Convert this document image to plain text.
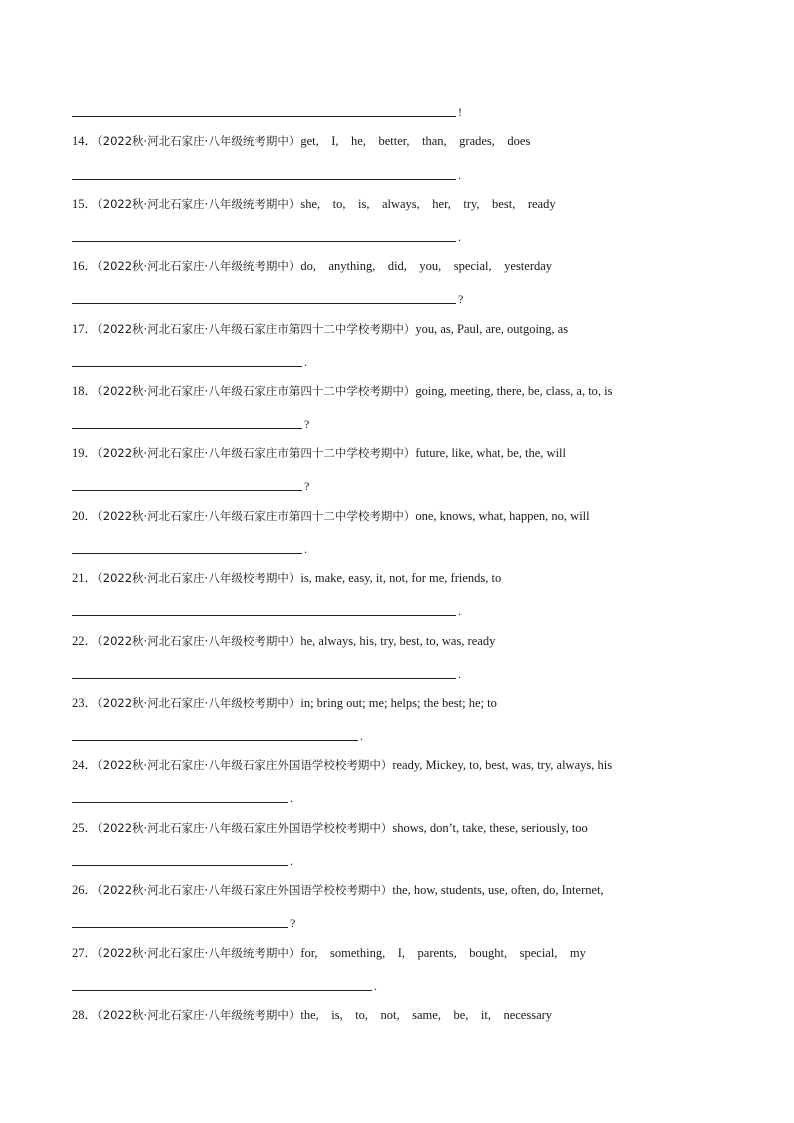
!
14．（2022秋·河北石家庄·八年级统考期中）get,　I,　he,　better,　than,　grades,　does
.
15．（2022秋·河北石家庄·八年级统考期中）she,　to,　is,　always,　her,　try,　best,　ready
.
16．（2022秋·河北石家庄·八年级统考期中）do,　anything,　did,　you,　special,　yesterday
?
17．（2022秋·河北石家庄·八年级石家庄市第四十二中学校考期中）you, as, Paul, are, outgoing, as
.
18．（2022秋·河北石家庄·八年级石家庄市第四十二中学校考期中）going, meeting, there, be, class, a, to, is
?
19．（2022秋·河北石家庄·八年级石家庄市第四十二中学校考期中）future, like, what, be, the, will
?
20．（2022秋·河北石家庄·八年级石家庄市第四十二中学校考期中）one, knows, what, happen, no, will
.
21．（2022秋·河北石家庄·八年级校考期中）is, make, easy, it, not, for me, friends, to
.
22．（2022秋·河北石家庄·八年级校考期中）he, always, his, try, best, to, was, ready
.
23．（2022秋·河北石家庄·八年级校考期中）in; bring out; me; helps; the best; he; to
.
24．（2022秋·河北石家庄·八年级石家庄外国语学校校考期中）ready, Mickey, to, best, was, try, always, his
.
25．（2022秋·河北石家庄·八年级石家庄外国语学校校考期中）shows, don’t, take, these, seriously, too
.
26．（2022秋·河北石家庄·八年级石家庄外国语学校校考期中）the, how, students, use, often, do, Internet,
?
27．（2022秋·河北石家庄·八年级统考期中）for,　something,　I,　parents,　bought,　special,　my
.
28．（2022秋·河北石家庄·八年级统考期中）the,　is,　to,　not,　same,　be,　it,　necessary
